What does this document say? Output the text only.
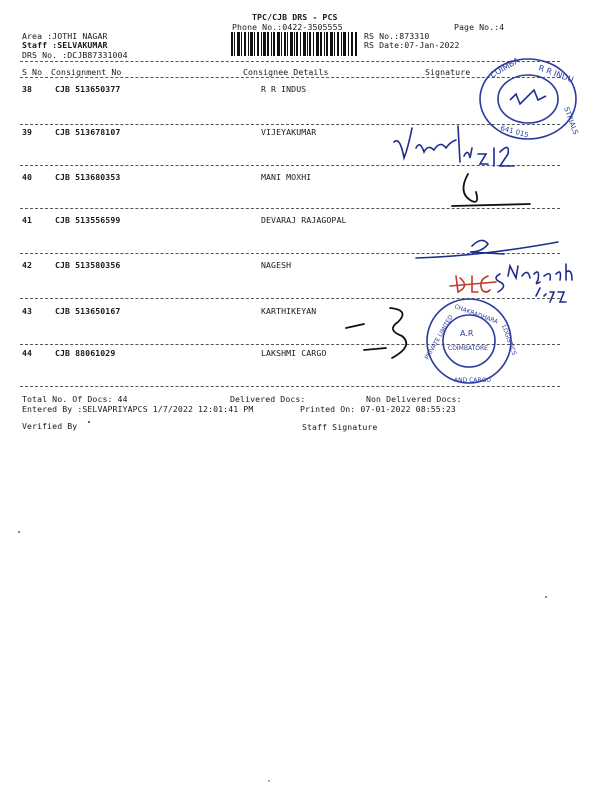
TPC/CJB DRS - PCS
Phone No.:0422-3505555	Page No.:4
Area :JOTHI NAGAR
Staff :SELVAKUMAR
DRS No. :DCJB87331004
RS No.:873310
RS Date:07-Jan-2022
S No Consignment No	Consignee Details	Signature
38	CJB 513650377	R R INDUS
39	CJB 513678107	VIJEYAKUMAR
40	CJB 513680353	MANI MOXHI
41	CJB 513556599	DEVARAJ RAJAGOPAL
42	CJB 513580356	NAGESH
43	CJB 513650167	KARTHIKEYAN
44	CJB 88061029	LAKSHMI CARGO
Total No. Of Docs: 44	Delivered Docs:	Non Delivered Docs:
Entered By :SELVAPRIYAPCS 1/7/2022 12:01:41 PM	Printed On: 07-01-2022 08:55:23
Verified By	Staff Signature
COIMBA R R INDU
STRIALS
641 015
A.R
COIMBATORE
CHAKRADHARA
PRIVATE LIMITED	LOGISTICS
AND CARGO
